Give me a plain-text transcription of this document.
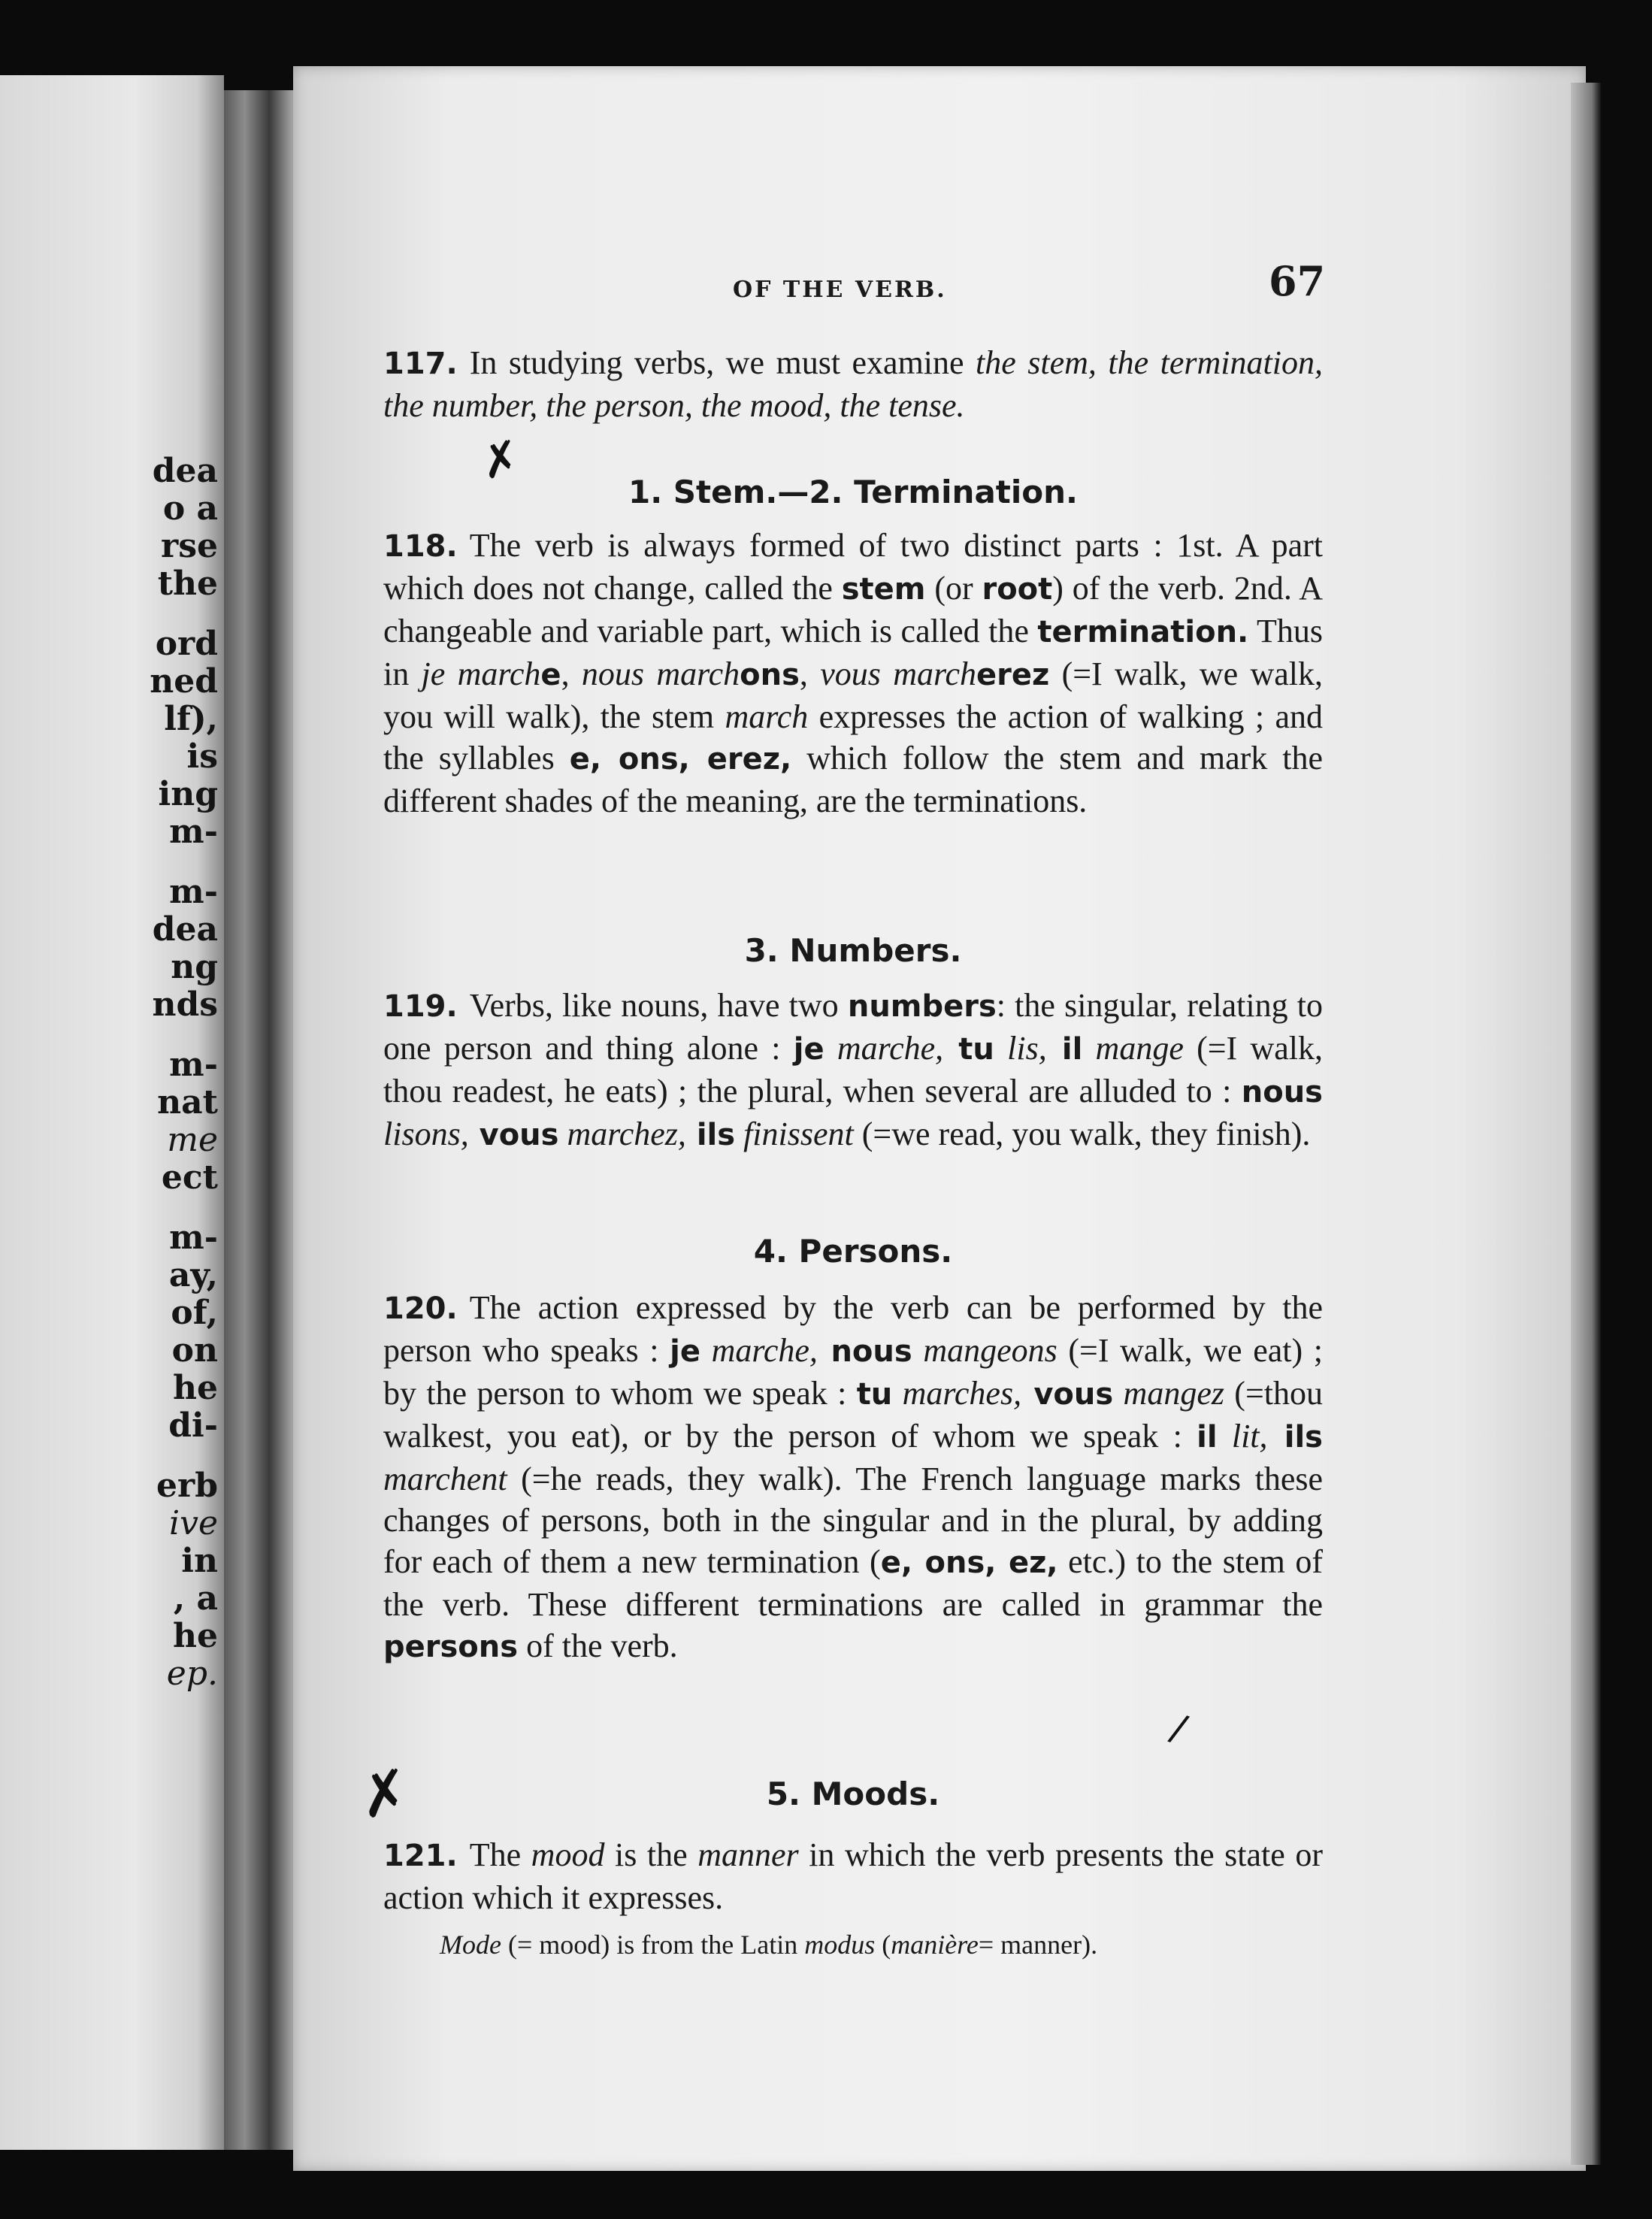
dea
o a
rse
the
ord
ned
lf),
is
ing
m-
m-
dea
ng
nds
m-
nat
me
ect
m-
ay,
of,
on
he
di-
erb
ive
in
, a
he
ep.
OF THE VERB.	67
117. In studying verbs, we must examine the stem, the termination, the number, the person, the mood, the tense.
✗
1. Stem.—2. Termination.
118. The verb is always formed of two distinct parts : 1st. A part which does not change, called the stem (or root) of the verb. 2nd. A changeable and variable part, which is called the termination. Thus in je marche, nous marchons, vous marcherez (=I walk, we walk, you will walk), the stem march expresses the action of walking ; and the syllables e, ons, erez, which follow the stem and mark the different shades of the meaning, are the terminations.
3. Numbers.
119. Verbs, like nouns, have two numbers: the singular, relating to one person and thing alone : je marche, tu lis, il mange (=I walk, thou readest, he eats) ; the plural, when several are alluded to : nous lisons, vous marchez, ils finissent (=we read, you walk, they finish).
4. Persons.
120. The action expressed by the verb can be performed by the person who speaks : je marche, nous mangeons (=I walk, we eat) ; by the person to whom we speak : tu marches, vous mangez (=thou walkest, you eat), or by the person of whom we speak : il lit, ils marchent (=he reads, they walk). The French language marks these changes of persons, both in the singular and in the plural, by adding for each of them a new termination (e, ons, ez, etc.) to the stem of the verb. These different terminations are called in grammar the persons of the verb.
/
✗	5. Moods.
121. The mood is the manner in which the verb presents the state or action which it expresses.
Mode (= mood) is from the Latin modus (manière= manner).
